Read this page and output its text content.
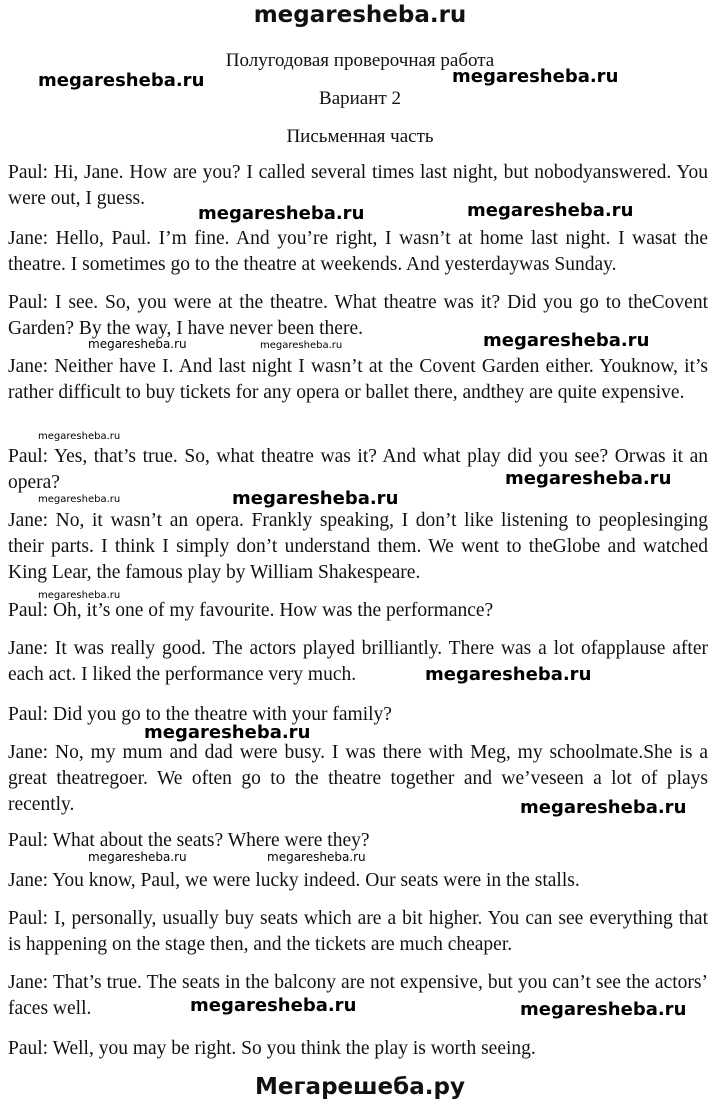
megaresheba.ru
Полугодовая проверочная работа
Вариант 2
Письменная часть

Paul: Hi, Jane. How are you? I called several times last night, but nobodyanswered. You were out, I guess.

Jane: Hello, Paul. I’m fine. And you’re right, I wasn’t at home last night. I wasat the theatre. I sometimes go to the theatre at weekends. And yesterdaywas Sunday.

Paul: I see. So, you were at the theatre. What theatre was it? Did you go to theCovent Garden? By the way, I have never been there.

Jane: Neither have I. And last night I wasn’t at the Covent Garden either. Youknow, it’s rather difficult to buy tickets for any opera or ballet there, andthey are quite expensive.

Paul: Yes, that’s true. So, what theatre was it? And what play did you see? Orwas it an opera?

Jane: No, it wasn’t an opera. Frankly speaking, I don’t like listening to peoplesinging their parts. I think I simply don’t understand them. We went to theGlobe and watched King Lear, the famous play by William Shakespeare.

Paul: Oh, it’s one of my favourite. How was the performance?

Jane: It was really good. The actors played brilliantly. There was a lot ofapplause after each act. I liked the performance very much.

Paul: Did you go to the theatre with your family?

Jane: No, my mum and dad were busy. I was there with Meg, my schoolmate.She is a great theatregoer. We often go to the theatre together and we’veseen a lot of plays recently.

Paul: What about the seats? Where were they?

Jane: You know, Paul, we were lucky indeed. Our seats were in the stalls.

Paul: I, personally, usually buy seats which are a bit higher. You can see everything that is happening on the stage then, and the tickets are much cheaper.

Jane: That’s true. The seats in the balcony are not expensive, but you can’t see the actors’ faces well.

Paul: Well, you may be right. So you think the play is worth seeing.

megaresheba.ru	megaresheba.ru
megaresheba.ru	megaresheba.ru
megaresheba.ru
megaresheba.ru	megaresheba.ru
megaresheba.ru
megaresheba.ru
megaresheba.ru
megaresheba.ru
megaresheba.ru
megaresheba.ru
megaresheba.ru
megaresheba.ru
megaresheba.ru	megaresheba.ru
megaresheba.ru	megaresheba.ru
Мегарешеба.ру
